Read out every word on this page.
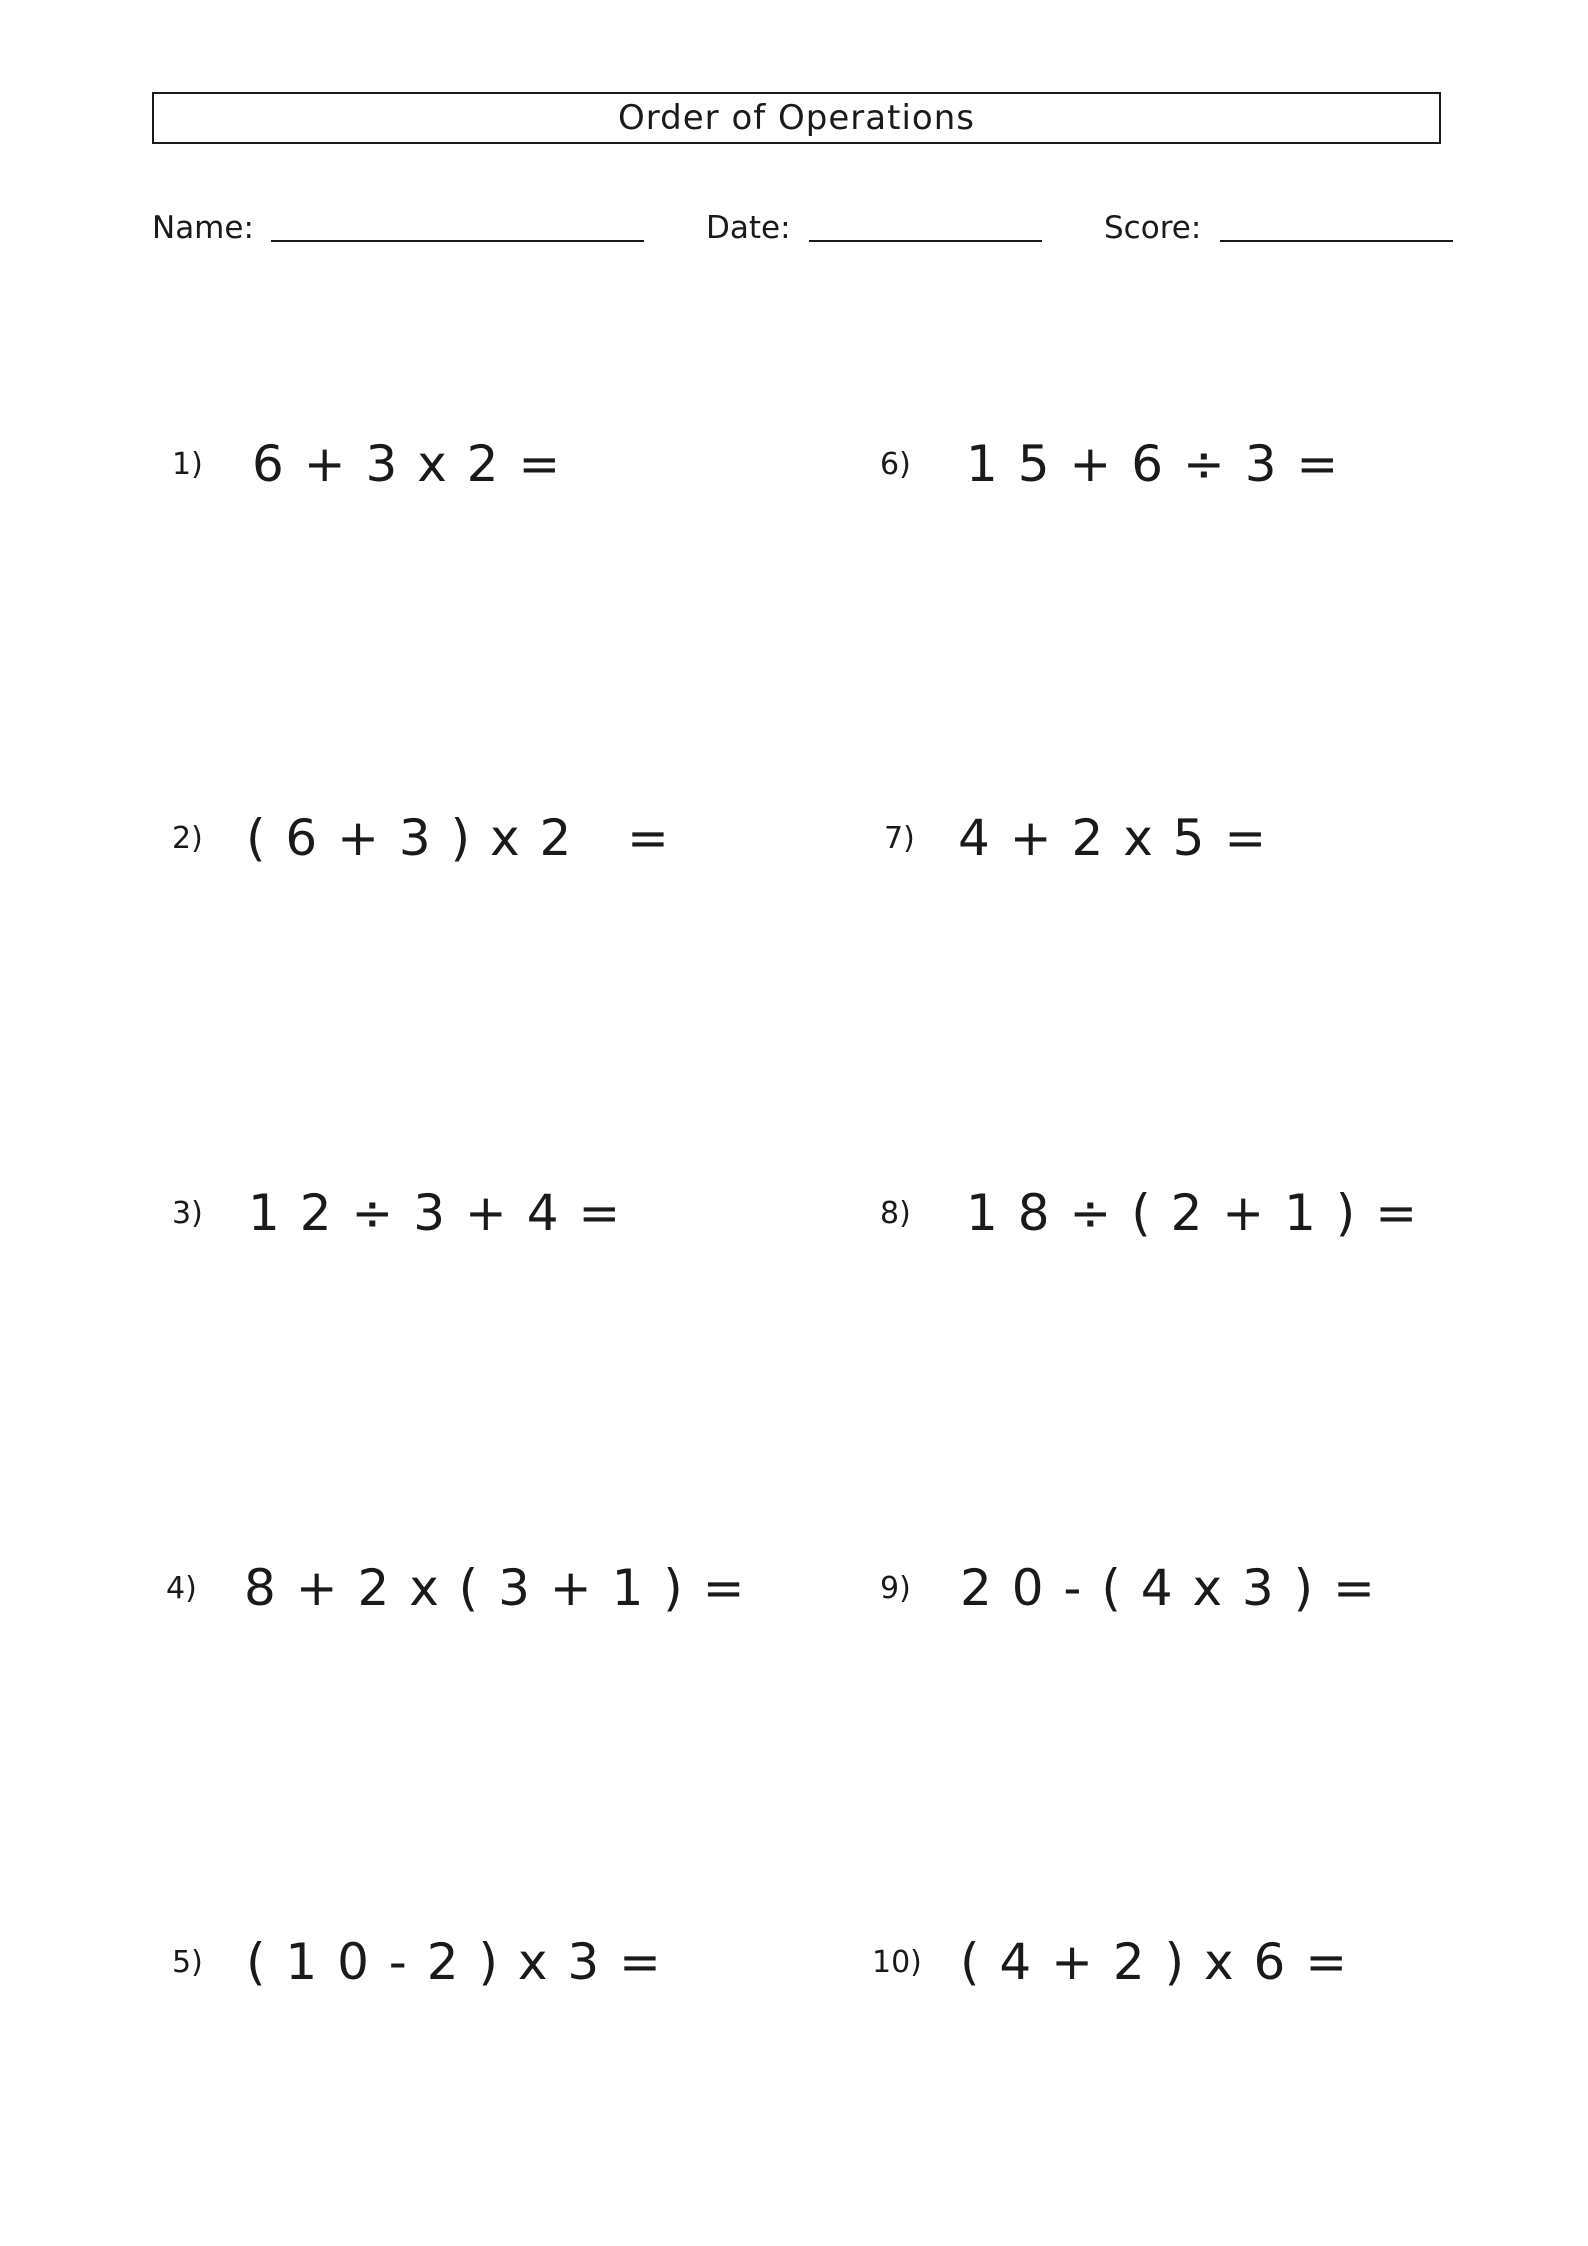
Order of Operations
Name:	Date:	Score:
1) 6 + 3 x 2 =
2) ( 6 + 3 ) x 2   =
3) 1 2 ÷ 3 + 4 =
4) 8 + 2 x ( 3 + 1 ) =
5) ( 1 0 - 2 ) x 3 =
6) 1 5 + 6 ÷ 3 =
7) 4 + 2 x 5 =
8) 1 8 ÷ ( 2 + 1 ) =
9) 2 0 - ( 4 x 3 ) =
10) ( 4 + 2 ) x 6 =
